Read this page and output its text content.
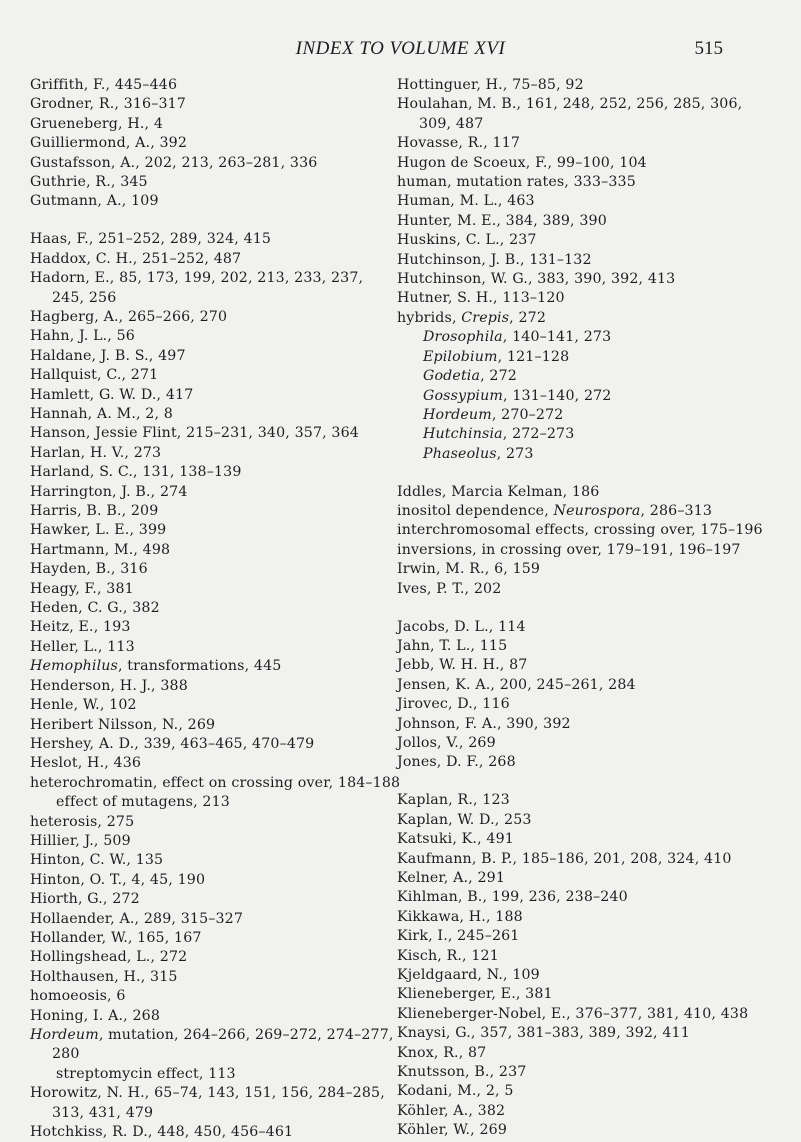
INDEX TO VOLUME XVI	515
Griffith, F., 445–446
Grodner, R., 316–317
Grueneberg, H., 4
Guilliermond, A., 392
Gustafsson, A., 202, 213, 263–281, 336
Guthrie, R., 345
Gutmann, A., 109
Haas, F., 251–252, 289, 324, 415
Haddox, C. H., 251–252, 487
Hadorn, E., 85, 173, 199, 202, 213, 233, 237,
245, 256
Hagberg, A., 265–266, 270
Hahn, J. L., 56
Haldane, J. B. S., 497
Hallquist, C., 271
Hamlett, G. W. D., 417
Hannah, A. M., 2, 8
Hanson, Jessie Flint, 215–231, 340, 357, 364
Harlan, H. V., 273
Harland, S. C., 131, 138–139
Harrington, J. B., 274
Harris, B. B., 209
Hawker, L. E., 399
Hartmann, M., 498
Hayden, B., 316
Heagy, F., 381
Heden, C. G., 382
Heitz, E., 193
Heller, L., 113
Hemophilus, transformations, 445
Henderson, H. J., 388
Henle, W., 102
Heribert Nilsson, N., 269
Hershey, A. D., 339, 463–465, 470–479
Heslot, H., 436
heterochromatin, effect on crossing over, 184–188
effect of mutagens, 213
heterosis, 275
Hillier, J., 509
Hinton, C. W., 135
Hinton, O. T., 4, 45, 190
Hiorth, G., 272
Hollaender, A., 289, 315–327
Hollander, W., 165, 167
Hollingshead, L., 272
Holthausen, H., 315
homoeosis, 6
Honing, I. A., 268
Hordeum, mutation, 264–266, 269–272, 274–277,
280
streptomycin effect, 113
Horowitz, N. H., 65–74, 143, 151, 156, 284–285,
313, 431, 479
Hotchkiss, R. D., 448, 450, 456–461
Hottinguer, H., 75–85, 92
Houlahan, M. B., 161, 248, 252, 256, 285, 306,
309, 487
Hovasse, R., 117
Hugon de Scoeux, F., 99–100, 104
human, mutation rates, 333–335
Human, M. L., 463
Hunter, M. E., 384, 389, 390
Huskins, C. L., 237
Hutchinson, J. B., 131–132
Hutchinson, W. G., 383, 390, 392, 413
Hutner, S. H., 113–120
hybrids, Crepis, 272
Drosophila, 140–141, 273
Epilobium, 121–128
Godetia, 272
Gossypium, 131–140, 272
Hordeum, 270–272
Hutchinsia, 272–273
Phaseolus, 273
Iddles, Marcia Kelman, 186
inositol dependence, Neurospora, 286–313
interchromosomal effects, crossing over, 175–196
inversions, in crossing over, 179–191, 196–197
Irwin, M. R., 6, 159
Ives, P. T., 202
Jacobs, D. L., 114
Jahn, T. L., 115
Jebb, W. H. H., 87
Jensen, K. A., 200, 245–261, 284
Jirovec, D., 116
Johnson, F. A., 390, 392
Jollos, V., 269
Jones, D. F., 268
Kaplan, R., 123
Kaplan, W. D., 253
Katsuki, K., 491
Kaufmann, B. P., 185–186, 201, 208, 324, 410
Kelner, A., 291
Kihlman, B., 199, 236, 238–240
Kikkawa, H., 188
Kirk, I., 245–261
Kisch, R., 121
Kjeldgaard, N., 109
Klieneberger, E., 381
Klieneberger-Nobel, E., 376–377, 381, 410, 438
Knaysi, G., 357, 381–383, 389, 392, 411
Knox, R., 87
Knutsson, B., 237
Kodani, M., 2, 5
Köhler, A., 382
Köhler, W., 269
